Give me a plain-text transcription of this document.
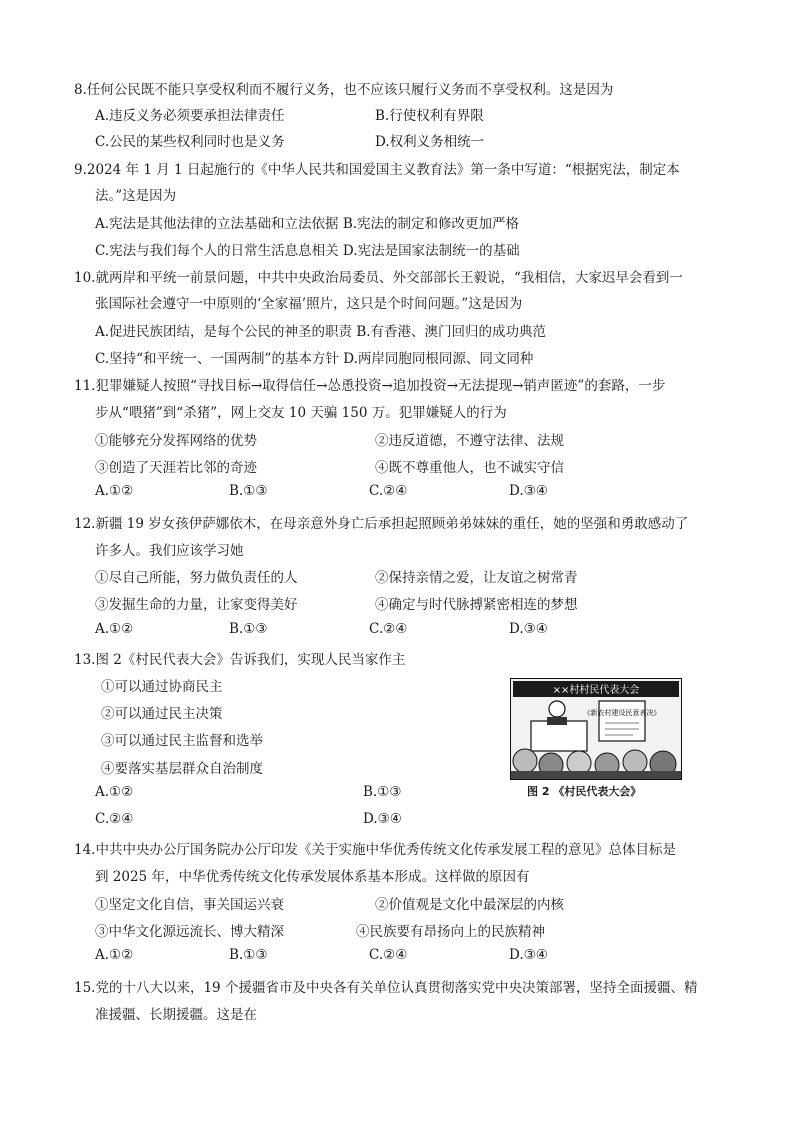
8.任何公民既不能只享受权利而不履行义务，也不应该只履行义务而不享受权利。这是因为
A.违反义务必须要承担法律责任	B.行使权利有界限
C.公民的某些权利同时也是义务	D.权利义务相统一
9.2024 年 1 月 1 日起施行的《中华人民共和国爱国主义教育法》第一条中写道：“根据宪法，制定本
法。”这是因为
A.宪法是其他法律的立法基础和立法依据 B.宪法的制定和修改更加严格
C.宪法与我们每个人的日常生活息息相关 D.宪法是国家法制统一的基础
10.就两岸和平统一前景问题，中共中央政治局委员、外交部部长王毅说，“我相信，大家迟早会看到一
张国际社会遵守一中原则的‘全家福’照片，这只是个时间问题。”这是因为
A.促进民族团结，是每个公民的神圣的职责 B.有香港、澳门回归的成功典范
C.坚持“和平统一、一国两制”的基本方针 D.两岸同胞同根同源、同文同种
11.犯罪嫌疑人按照“寻找目标→取得信任→怂恿投资→追加投资→无法提现→销声匿迹”的套路，一步
步从“喂猪”到“杀猪”，网上交友 10 天骗 150 万。犯罪嫌疑人的行为
①能够充分发挥网络的优势	②违反道德，不遵守法律、法规
③创造了天涯若比邻的奇迹	④既不尊重他人，也不诚实守信
A.①②	B.①③	C.②④	D.③④
12.新疆 19 岁女孩伊萨娜依木，在母亲意外身亡后承担起照顾弟弟妹妹的重任，她的坚强和勇敢感动了
许多人。我们应该学习她
①尽自己所能，努力做负责任的人	②保持亲情之爱，让友谊之树常青
③发掘生命的力量，让家变得美好	④确定与时代脉搏紧密相连的梦想
A.①②	B.①③	C.②④	D.③④
13.图 2《村民代表大会》告诉我们，实现人民当家作主
①可以通过协商民主
②可以通过民主决策
③可以通过民主监督和选举
④要落实基层群众自治制度
A.①②	B.①③
C.②④	D.③④
××村村民代表大会
《新农村建设民意表决》
图 2 《村民代表大会》
14.中共中央办公厅国务院办公厅印发《关于实施中华优秀传统文化传承发展工程的意见》总体目标是
到 2025 年，中华优秀传统文化传承发展体系基本形成。这样做的原因有
①坚定文化自信，事关国运兴衰	②价值观是文化中最深层的内核
③中华文化源远流长、博大精深	④民族要有昂扬向上的民族精神
A.①②	B.①③	C.②④	D.③④
15.党的十八大以来，19 个援疆省市及中央各有关单位认真贯彻落实党中央决策部署，坚持全面援疆、精
准援疆、长期援疆。这是在
